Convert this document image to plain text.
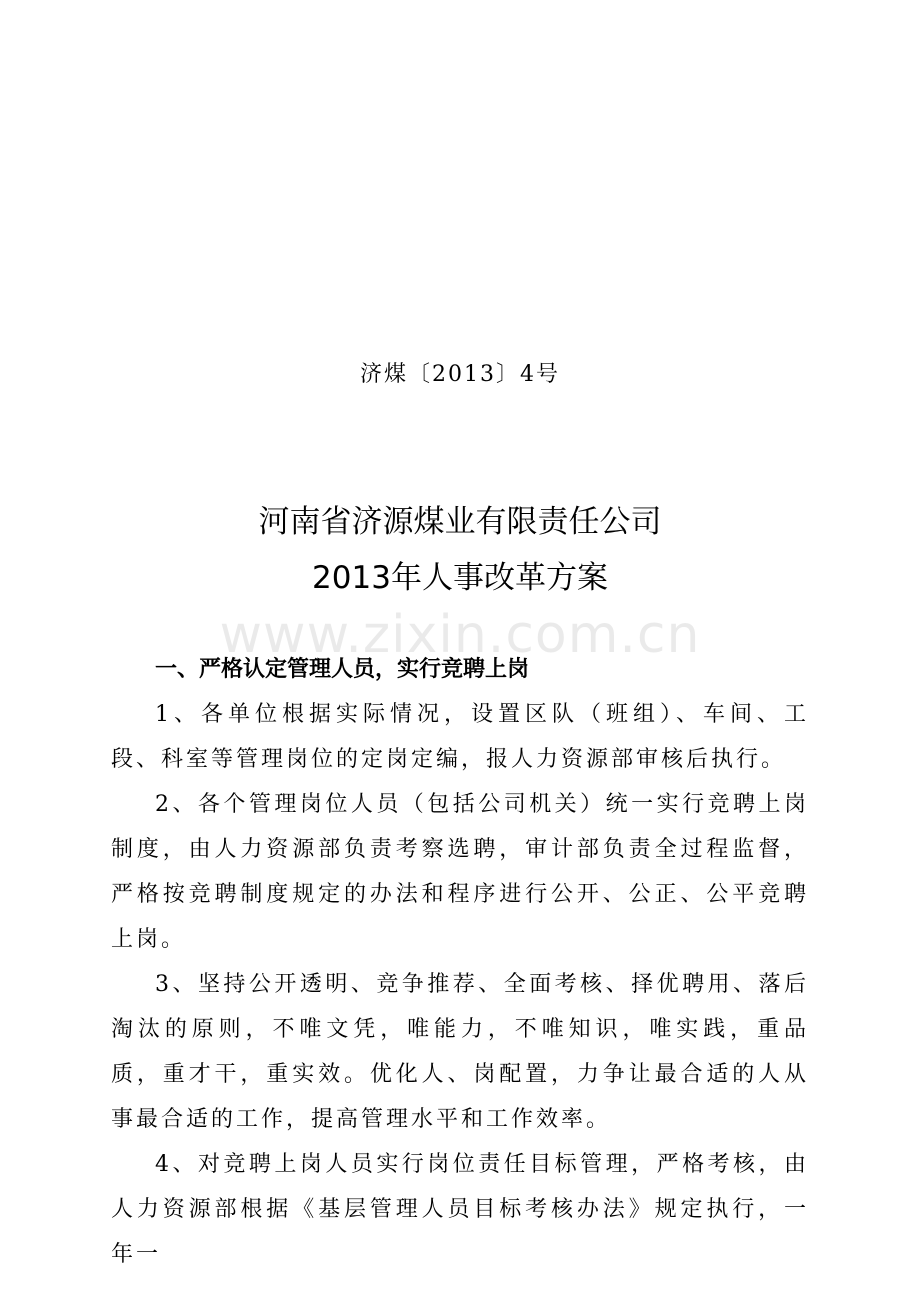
济煤〔2013〕4号
河南省济源煤业有限责任公司
2013年人事改革方案
www.zixin.com.cn

一、严格认定管理人员，实行竞聘上岗

1、各单位根据实际情况，设置区队（班组）、车间、工段、科室等管理岗位的定岗定编，报人力资源部审核后执行。

2、各个管理岗位人员（包括公司机关）统一实行竞聘上岗制度，由人力资源部负责考察选聘，审计部负责全过程监督，严格按竞聘制度规定的办法和程序进行公开、公正、公平竞聘上岗。

3、坚持公开透明、竞争推荐、全面考核、择优聘用、落后淘汰的原则，不唯文凭，唯能力，不唯知识，唯实践，重品质，重才干，重实效。优化人、岗配置，力争让最合适的人从事最合适的工作，提高管理水平和工作效率。

4、对竞聘上岗人员实行岗位责任目标管理，严格考核，由人力资源部根据《基层管理人员目标考核办法》规定执行，一年一
